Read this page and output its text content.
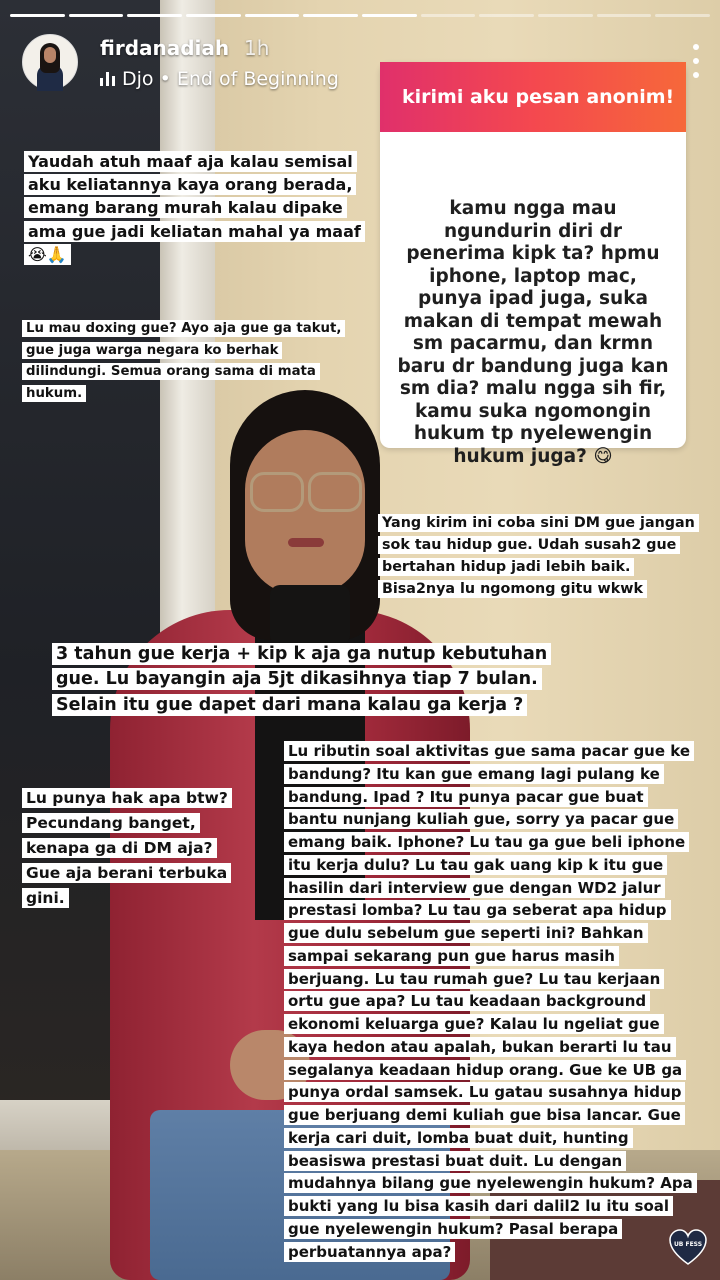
firdanadiah 1h
Djo • End of Beginning
kirimi aku pesan anonim!
kamu ngga mau ngundurin diri dr penerima kipk ta? hpmu iphone, laptop mac, punya ipad juga, suka makan di tempat mewah sm pacarmu, dan krmn baru dr bandung juga kan sm dia? malu ngga sih fir, kamu suka ngomongin hukum tp nyelewengin hukum juga? 😋
Yaudah atuh maaf aja kalau semisal aku keliatannya kaya orang berada, emang barang murah kalau dipake ama gue jadi keliatan mahal ya maaf 😭🙏
Lu mau doxing gue? Ayo aja gue ga takut, gue juga warga negara ko berhak dilindungi. Semua orang sama di mata hukum.
Yang kirim ini coba sini DM gue jangan sok tau hidup gue. Udah susah2 gue bertahan hidup jadi lebih baik. Bisa2nya lu ngomong gitu wkwk
3 tahun gue kerja + kip k aja ga nutup kebutuhan gue. Lu bayangin aja 5jt dikasihnya tiap 7 bulan. Selain itu gue dapet dari mana kalau ga kerja ?
Lu ributin soal aktivitas gue sama pacar gue ke bandung? Itu kan gue emang lagi pulang ke bandung. Ipad ? Itu punya pacar gue buat bantu nunjang kuliah gue, sorry ya pacar gue emang baik. Iphone? Lu tau ga gue beli iphone itu kerja dulu? Lu tau gak uang kip k itu gue hasilin dari interview gue dengan WD2 jalur prestasi lomba? Lu tau ga seberat apa hidup gue dulu sebelum gue seperti ini? Bahkan sampai sekarang pun gue harus masih berjuang. Lu tau rumah gue? Lu tau kerjaan ortu gue apa? Lu tau keadaan background ekonomi keluarga gue? Kalau lu ngeliat gue kaya hedon atau apalah, bukan berarti lu tau segalanya keadaan hidup orang. Gue ke UB ga punya ordal samsek. Lu gatau susahnya hidup gue berjuang demi kuliah gue bisa lancar. Gue kerja cari duit, lomba buat duit, hunting beasiswa prestasi buat duit. Lu dengan mudahnya bilang gue nyelewengin hukum? Apa bukti yang lu bisa kasih dari dalil2 lu itu soal gue nyelewengin hukum? Pasal berapa perbuatannya apa?
Lu punya hak apa btw? Pecundang banget, kenapa ga di DM aja? Gue aja berani terbuka gini.
UB FESS
